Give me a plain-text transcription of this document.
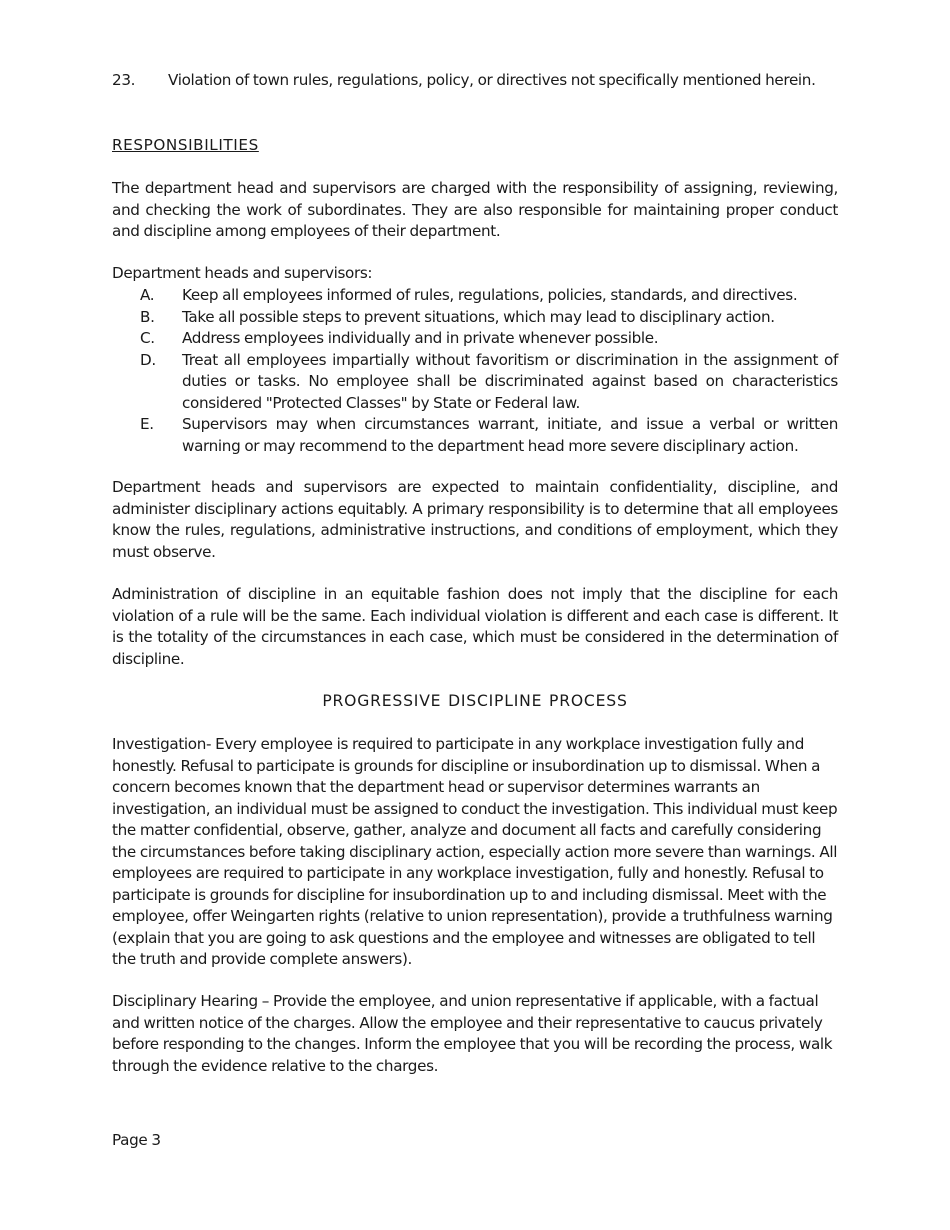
23.	Violation of town rules, regulations, policy, or directives not specifically mentioned herein.
RESPONSIBILITIES
The department head and supervisors are charged with the responsibility of assigning, reviewing, and checking the work of subordinates. They are also responsible for maintaining proper conduct and discipline among employees of their department.
Department heads and supervisors:
A.	Keep all employees informed of rules, regulations, policies, standards, and directives.
B.	Take all possible steps to prevent situations, which may lead to disciplinary action.
C.	Address employees individually and in private whenever possible.
D.	Treat all employees impartially without favoritism or discrimination in the assignment of duties or tasks. No employee shall be discriminated against based on characteristics considered "Protected Classes" by State or Federal law.
E.	Supervisors may when circumstances warrant, initiate, and issue a verbal or written warning or may recommend to the department head more severe disciplinary action.
Department heads and supervisors are expected to maintain confidentiality, discipline, and administer disciplinary actions equitably. A primary responsibility is to determine that all employees know the rules, regulations, administrative instructions, and conditions of employment, which they must observe.
Administration of discipline in an equitable fashion does not imply that the discipline for each violation of a rule will be the same. Each individual violation is different and each case is different. It is the totality of the circumstances in each case, which must be considered in the determination of discipline.
PROGRESSIVE DISCIPLINE PROCESS
Investigation- Every employee is required to participate in any workplace investigation fully and honestly. Refusal to participate is grounds for discipline or insubordination up to dismissal. When a concern becomes known that the department head or supervisor determines warrants an investigation, an individual must be assigned to conduct the investigation. This individual must keep the matter confidential, observe, gather, analyze and document all facts and carefully considering the circumstances before taking disciplinary action, especially action more severe than warnings. All employees are required to participate in any workplace investigation, fully and honestly. Refusal to participate is grounds for discipline for insubordination up to and including dismissal. Meet with the employee, offer Weingarten rights (relative to union representation), provide a truthfulness warning (explain that you are going to ask questions and the employee and witnesses are obligated to tell the truth and provide complete answers).
Disciplinary Hearing – Provide the employee, and union representative if applicable, with a factual and written notice of the charges. Allow the employee and their representative to caucus privately before responding to the changes. Inform the employee that you will be recording the process, walk through the evidence relative to the charges.
Page 3
